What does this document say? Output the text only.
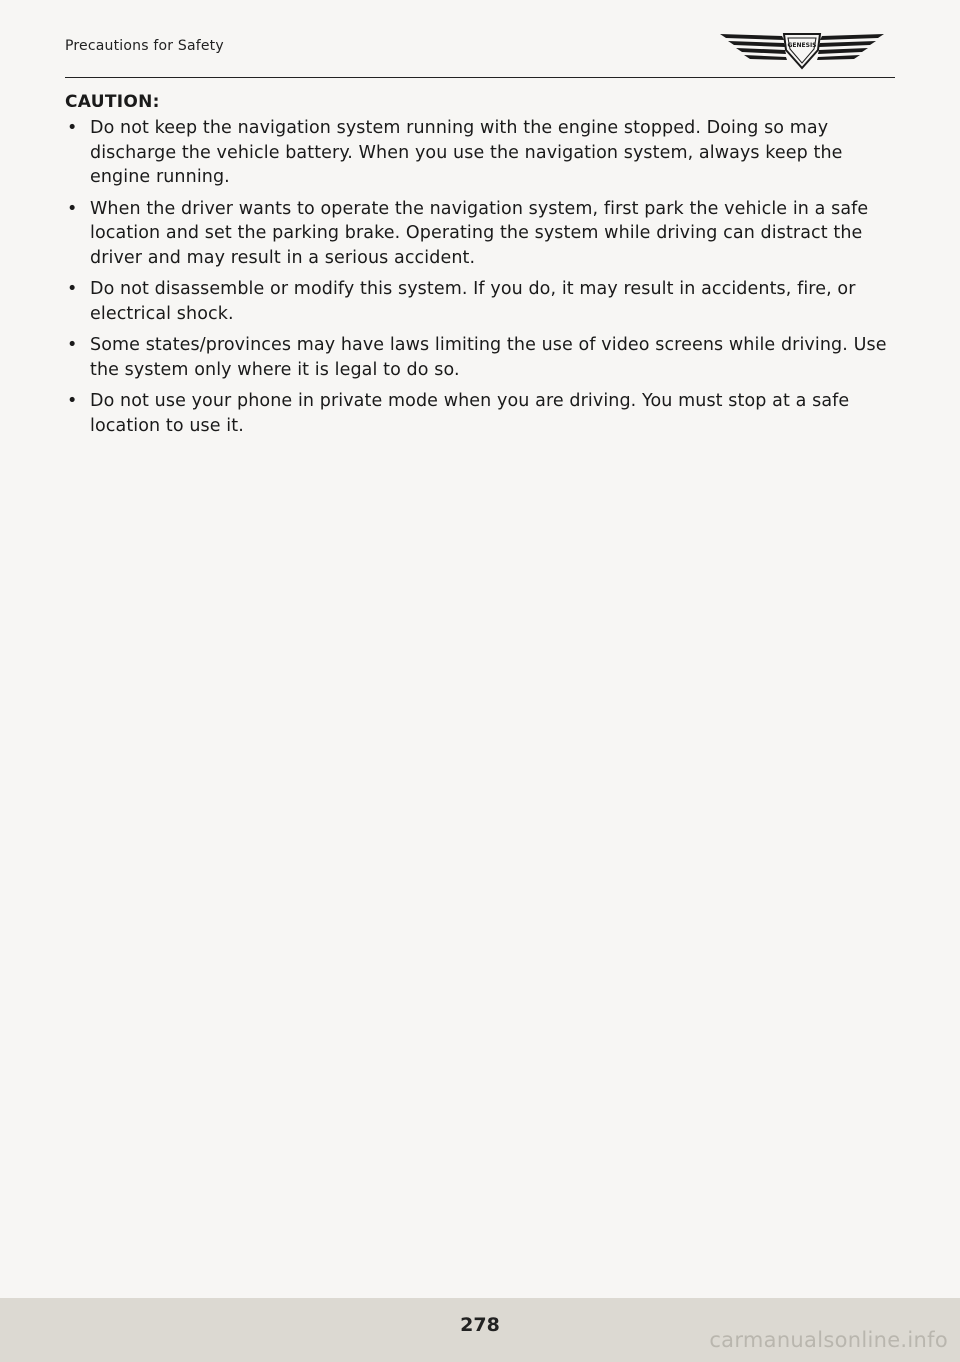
Precautions for Safety	GENESIS
CAUTION:
• Do not keep the navigation system running with the engine stopped. Doing so may discharge the vehicle battery. When you use the navigation system, always keep the engine running.
• When the driver wants to operate the navigation system, first park the vehicle in a safe location and set the parking brake. Operating the system while driving can distract the driver and may result in a serious accident.
• Do not disassemble or modify this system. If you do, it may result in accidents, fire, or electrical shock.
• Some states/provinces may have laws limiting the use of video screens while driving. Use the system only where it is legal to do so.
• Do not use your phone in private mode when you are driving. You must stop at a safe location to use it.
278
carmanualsonline.info
